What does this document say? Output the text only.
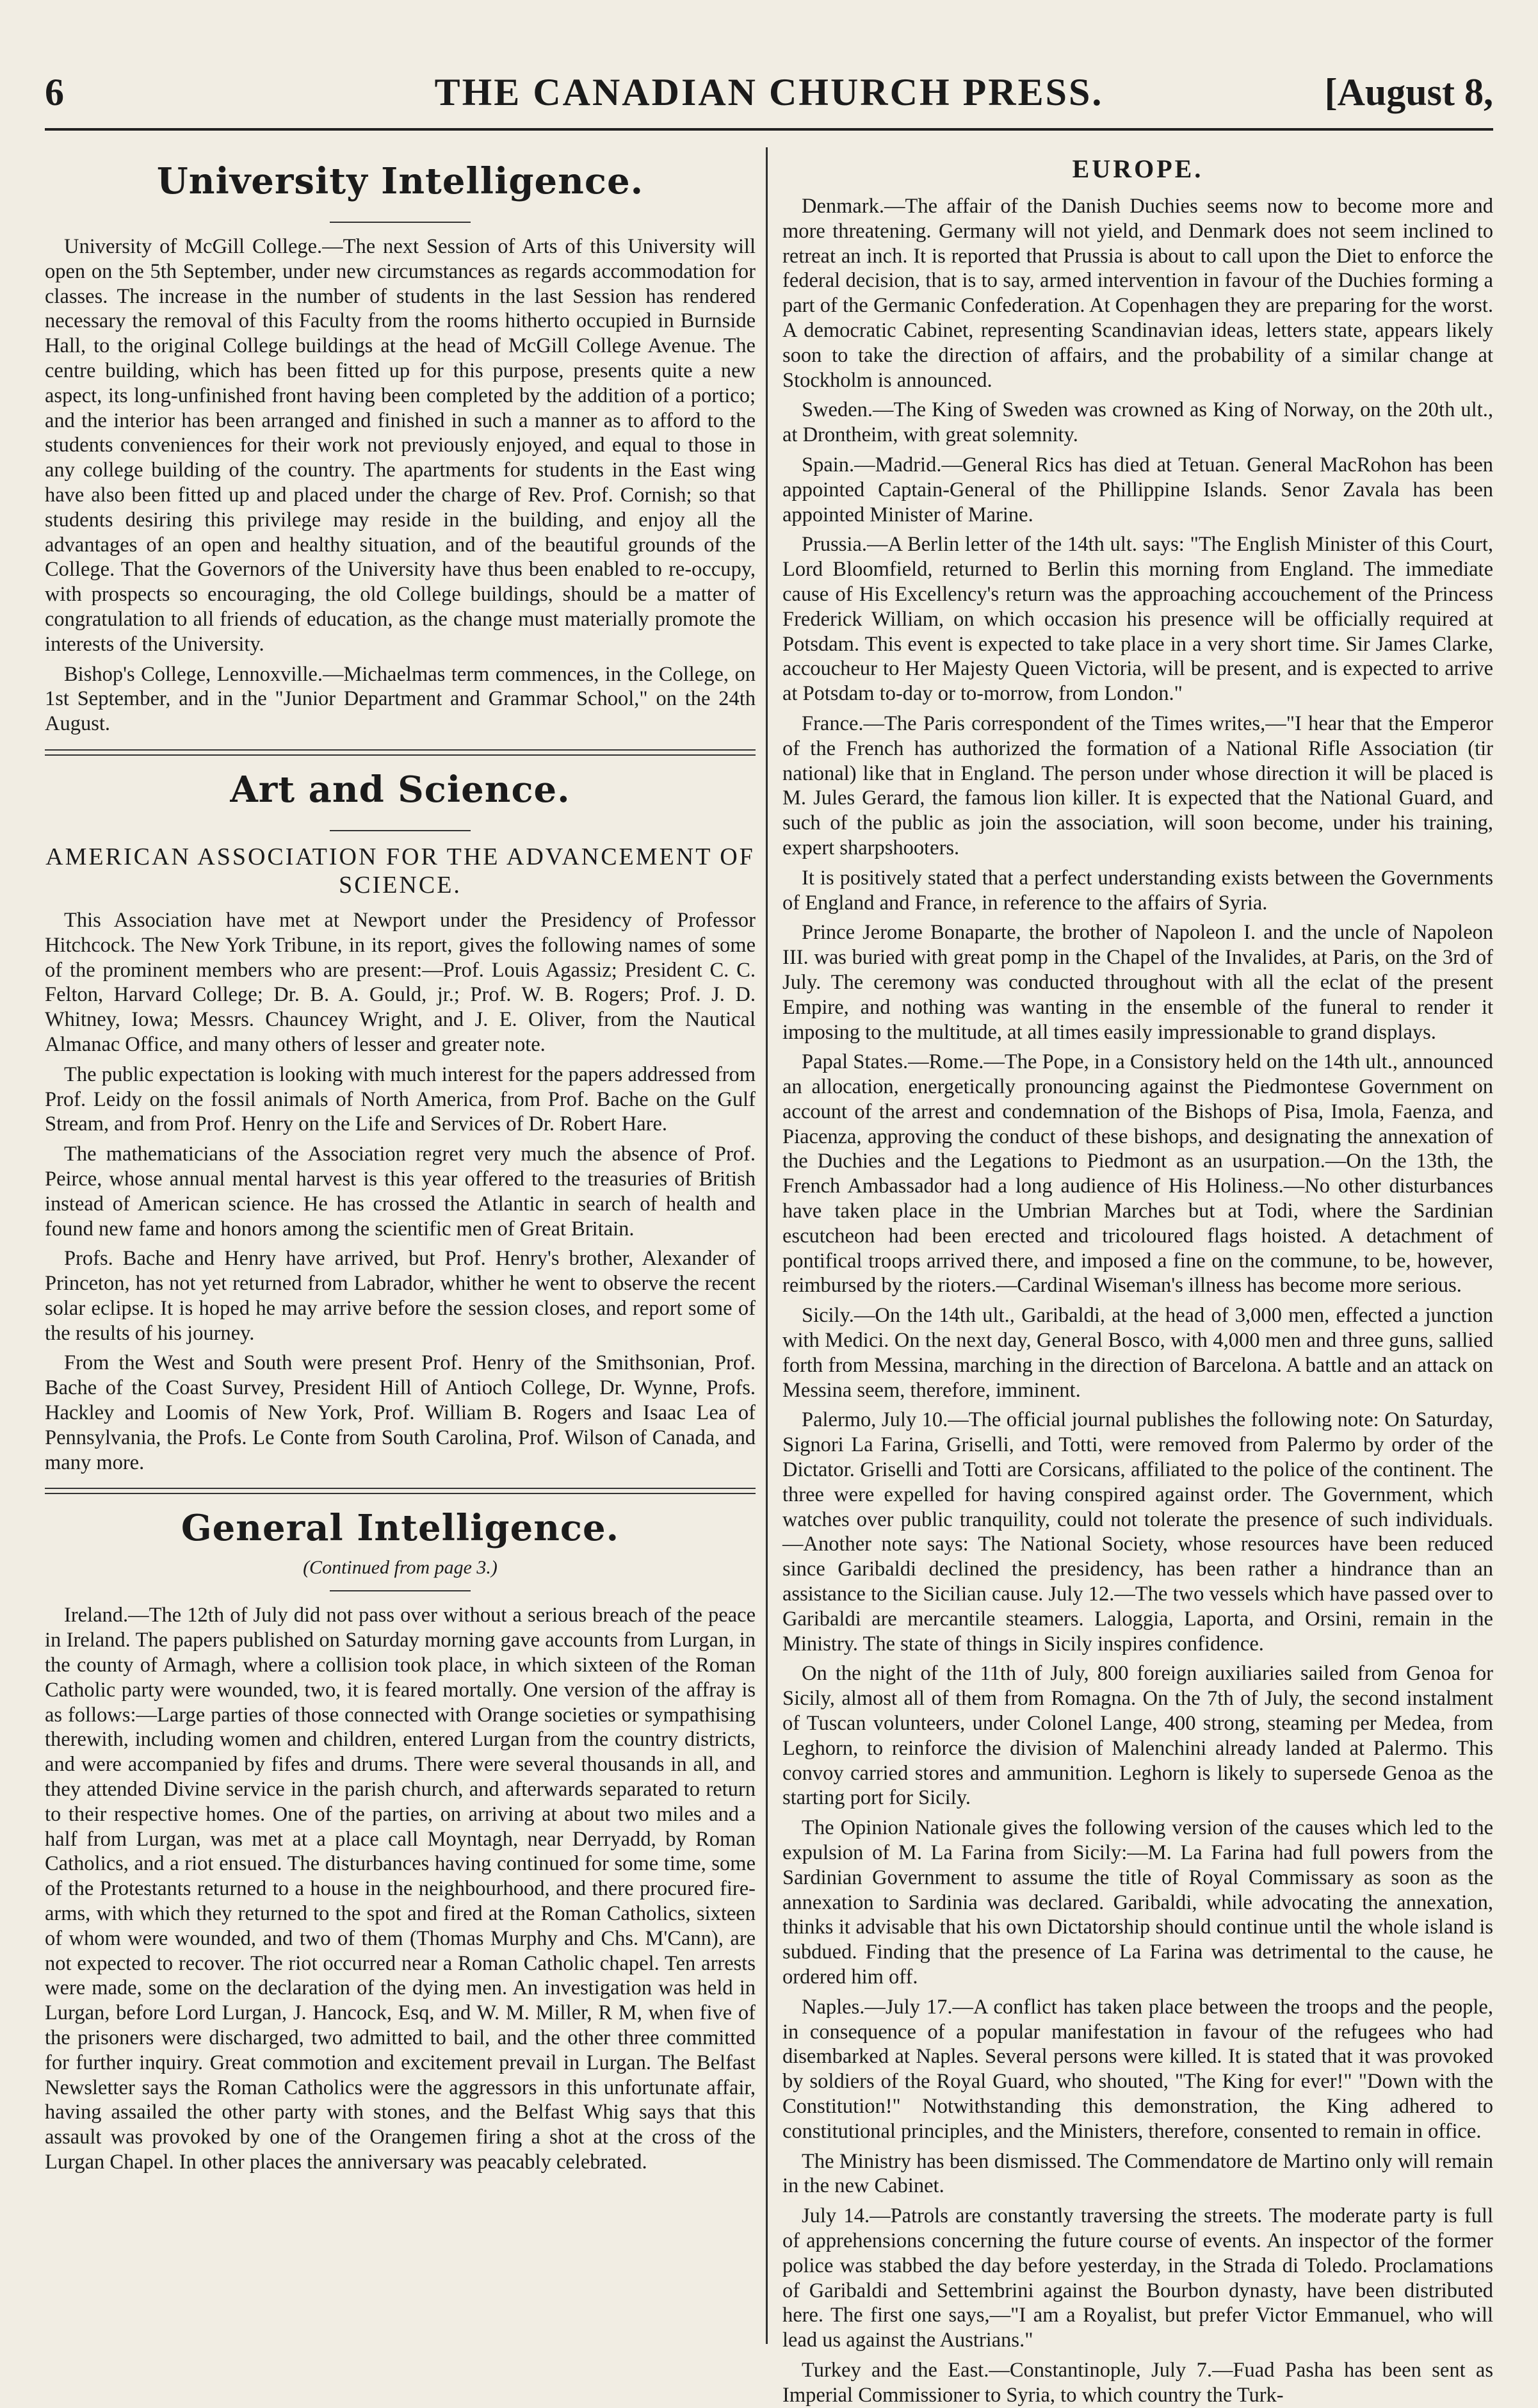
6	THE CANADIAN CHURCH PRESS.	[August 8,
University Intelligence.

University of McGill College.—The next Session of Arts of this University will open on the 5th September, under new circumstances as regards accommodation for classes. The increase in the number of students in the last Session has rendered necessary the removal of this Faculty from the rooms hitherto occupied in Burnside Hall, to the original College buildings at the head of McGill College Avenue. The centre building, which has been fitted up for this purpose, presents quite a new aspect, its long-unfinished front having been completed by the addition of a portico; and the interior has been arranged and finished in such a manner as to afford to the students conveniences for their work not previously enjoyed, and equal to those in any college building of the country. The apartments for students in the East wing have also been fitted up and placed under the charge of Rev. Prof. Cornish; so that students desiring this privilege may reside in the building, and enjoy all the advantages of an open and healthy situation, and of the beautiful grounds of the College. That the Governors of the University have thus been enabled to re-occupy, with prospects so encouraging, the old College buildings, should be a matter of congratulation to all friends of education, as the change must materially promote the interests of the University.

Bishop's College, Lennoxville.—Michaelmas term commences, in the College, on 1st September, and in the "Junior Department and Grammar School," on the 24th August.

Art and Science.
AMERICAN ASSOCIATION FOR THE ADVANCEMENT OF SCIENCE.

This Association have met at Newport under the Presidency of Professor Hitchcock. The New York Tribune, in its report, gives the following names of some of the prominent members who are present:—Prof. Louis Agassiz; President C. C. Felton, Harvard College; Dr. B. A. Gould, jr.; Prof. W. B. Rogers; Prof. J. D. Whitney, Iowa; Messrs. Chauncey Wright, and J. E. Oliver, from the Nautical Almanac Office, and many others of lesser and greater note.

The public expectation is looking with much interest for the papers addressed from Prof. Leidy on the fossil animals of North America, from Prof. Bache on the Gulf Stream, and from Prof. Henry on the Life and Services of Dr. Robert Hare.

The mathematicians of the Association regret very much the absence of Prof. Peirce, whose annual mental harvest is this year offered to the treasuries of British instead of American science. He has crossed the Atlantic in search of health and found new fame and honors among the scientific men of Great Britain.

Profs. Bache and Henry have arrived, but Prof. Henry's brother, Alexander of Princeton, has not yet returned from Labrador, whither he went to observe the recent solar eclipse. It is hoped he may arrive before the session closes, and report some of the results of his journey.

From the West and South were present Prof. Henry of the Smithsonian, Prof. Bache of the Coast Survey, President Hill of Antioch College, Dr. Wynne, Profs. Hackley and Loomis of New York, Prof. William B. Rogers and Isaac Lea of Pennsylvania, the Profs. Le Conte from South Carolina, Prof. Wilson of Canada, and many more.

General Intelligence.
(Continued from page 3.)

Ireland.—The 12th of July did not pass over without a serious breach of the peace in Ireland. The papers published on Saturday morning gave accounts from Lurgan, in the county of Armagh, where a collision took place, in which sixteen of the Roman Catholic party were wounded, two, it is feared mortally. One version of the affray is as follows:—Large parties of those connected with Orange societies or sympathising therewith, including women and children, entered Lurgan from the country districts, and were accompanied by fifes and drums. There were several thousands in all, and they attended Divine service in the parish church, and afterwards separated to return to their respective homes. One of the parties, on arriving at about two miles and a half from Lurgan, was met at a place call Moyntagh, near Derryadd, by Roman Catholics, and a riot ensued. The disturbances having continued for some time, some of the Protestants returned to a house in the neighbourhood, and there procured fire-arms, with which they returned to the spot and fired at the Roman Catholics, sixteen of whom were wounded, and two of them (Thomas Murphy and Chs. M'Cann), are not expected to recover. The riot occurred near a Roman Catholic chapel. Ten arrests were made, some on the declaration of the dying men. An investigation was held in Lurgan, before Lord Lurgan, J. Hancock, Esq, and W. M. Miller, R M, when five of the prisoners were discharged, two admitted to bail, and the other three committed for further inquiry. Great commotion and excitement prevail in Lurgan. The Belfast Newsletter says the Roman Catholics were the aggressors in this unfortunate affair, having assailed the other party with stones, and the Belfast Whig says that this assault was provoked by one of the Orangemen firing a shot at the cross of the Lurgan Chapel. In other places the anniversary was peacably celebrated.

EUROPE.

Denmark.—The affair of the Danish Duchies seems now to become more and more threatening. Germany will not yield, and Denmark does not seem inclined to retreat an inch. It is reported that Prussia is about to call upon the Diet to enforce the federal decision, that is to say, armed intervention in favour of the Duchies forming a part of the Germanic Confederation. At Copenhagen they are preparing for the worst. A democratic Cabinet, representing Scandinavian ideas, letters state, appears likely soon to take the direction of affairs, and the probability of a similar change at Stockholm is announced.

Sweden.—The King of Sweden was crowned as King of Norway, on the 20th ult., at Drontheim, with great solemnity.

Spain.—Madrid.—General Rics has died at Tetuan. General MacRohon has been appointed Captain-General of the Phillippine Islands. Senor Zavala has been appointed Minister of Marine.

Prussia.—A Berlin letter of the 14th ult. says: "The English Minister of this Court, Lord Bloomfield, returned to Berlin this morning from England. The immediate cause of His Excellency's return was the approaching accouchement of the Princess Frederick William, on which occasion his presence will be officially required at Potsdam. This event is expected to take place in a very short time. Sir James Clarke, accoucheur to Her Majesty Queen Victoria, will be present, and is expected to arrive at Potsdam to-day or to-morrow, from London."

France.—The Paris correspondent of the Times writes,—"I hear that the Emperor of the French has authorized the formation of a National Rifle Association (tir national) like that in England. The person under whose direction it will be placed is M. Jules Gerard, the famous lion killer. It is expected that the National Guard, and such of the public as join the association, will soon become, under his training, expert sharpshooters.

It is positively stated that a perfect understanding exists between the Governments of England and France, in reference to the affairs of Syria.

Prince Jerome Bonaparte, the brother of Napoleon I. and the uncle of Napoleon III. was buried with great pomp in the Chapel of the Invalides, at Paris, on the 3rd of July. The ceremony was conducted throughout with all the eclat of the present Empire, and nothing was wanting in the ensemble of the funeral to render it imposing to the multitude, at all times easily impressionable to grand displays.

Papal States.—Rome.—The Pope, in a Consistory held on the 14th ult., announced an allocation, energetically pronouncing against the Piedmontese Government on account of the arrest and condemnation of the Bishops of Pisa, Imola, Faenza, and Piacenza, approving the conduct of these bishops, and designating the annexation of the Duchies and the Legations to Piedmont as an usurpation.—On the 13th, the French Ambassador had a long audience of His Holiness.—No other disturbances have taken place in the Umbrian Marches but at Todi, where the Sardinian escutcheon had been erected and tricoloured flags hoisted. A detachment of pontifical troops arrived there, and imposed a fine on the commune, to be, however, reimbursed by the rioters.—Cardinal Wiseman's illness has become more serious.

Sicily.—On the 14th ult., Garibaldi, at the head of 3,000 men, effected a junction with Medici. On the next day, General Bosco, with 4,000 men and three guns, sallied forth from Messina, marching in the direction of Barcelona. A battle and an attack on Messina seem, therefore, imminent.

Palermo, July 10.—The official journal publishes the following note: On Saturday, Signori La Farina, Griselli, and Totti, were removed from Palermo by order of the Dictator. Griselli and Totti are Corsicans, affiliated to the police of the continent. The three were expelled for having conspired against order. The Government, which watches over public tranquility, could not tolerate the presence of such individuals.—Another note says: The National Society, whose resources have been reduced since Garibaldi declined the presidency, has been rather a hindrance than an assistance to the Sicilian cause. July 12.—The two vessels which have passed over to Garibaldi are mercantile steamers. Laloggia, Laporta, and Orsini, remain in the Ministry. The state of things in Sicily inspires confidence.

On the night of the 11th of July, 800 foreign auxiliaries sailed from Genoa for Sicily, almost all of them from Romagna. On the 7th of July, the second instalment of Tuscan volunteers, under Colonel Lange, 400 strong, steaming per Medea, from Leghorn, to reinforce the division of Malenchini already landed at Palermo. This convoy carried stores and ammunition. Leghorn is likely to supersede Genoa as the starting port for Sicily.

The Opinion Nationale gives the following version of the causes which led to the expulsion of M. La Farina from Sicily:—M. La Farina had full powers from the Sardinian Government to assume the title of Royal Commissary as soon as the annexation to Sardinia was declared. Garibaldi, while advocating the annexation, thinks it advisable that his own Dictatorship should continue until the whole island is subdued. Finding that the presence of La Farina was detrimental to the cause, he ordered him off.

Naples.—July 17.—A conflict has taken place between the troops and the people, in consequence of a popular manifestation in favour of the refugees who had disembarked at Naples. Several persons were killed. It is stated that it was provoked by soldiers of the Royal Guard, who shouted, "The King for ever!" "Down with the Constitution!" Notwithstanding this demonstration, the King adhered to constitutional principles, and the Ministers, therefore, consented to remain in office.

The Ministry has been dismissed. The Commendatore de Martino only will remain in the new Cabinet.

July 14.—Patrols are constantly traversing the streets. The moderate party is full of apprehensions concerning the future course of events. An inspector of the former police was stabbed the day before yesterday, in the Strada di Toledo. Proclamations of Garibaldi and Settembrini against the Bourbon dynasty, have been distributed here. The first one says,—"I am a Royalist, but prefer Victor Emmanuel, who will lead us against the Austrians."

Turkey and the East.—Constantinople, July 7.—Fuad Pasha has been sent as Imperial Commissioner to Syria, to which country the Turk-
